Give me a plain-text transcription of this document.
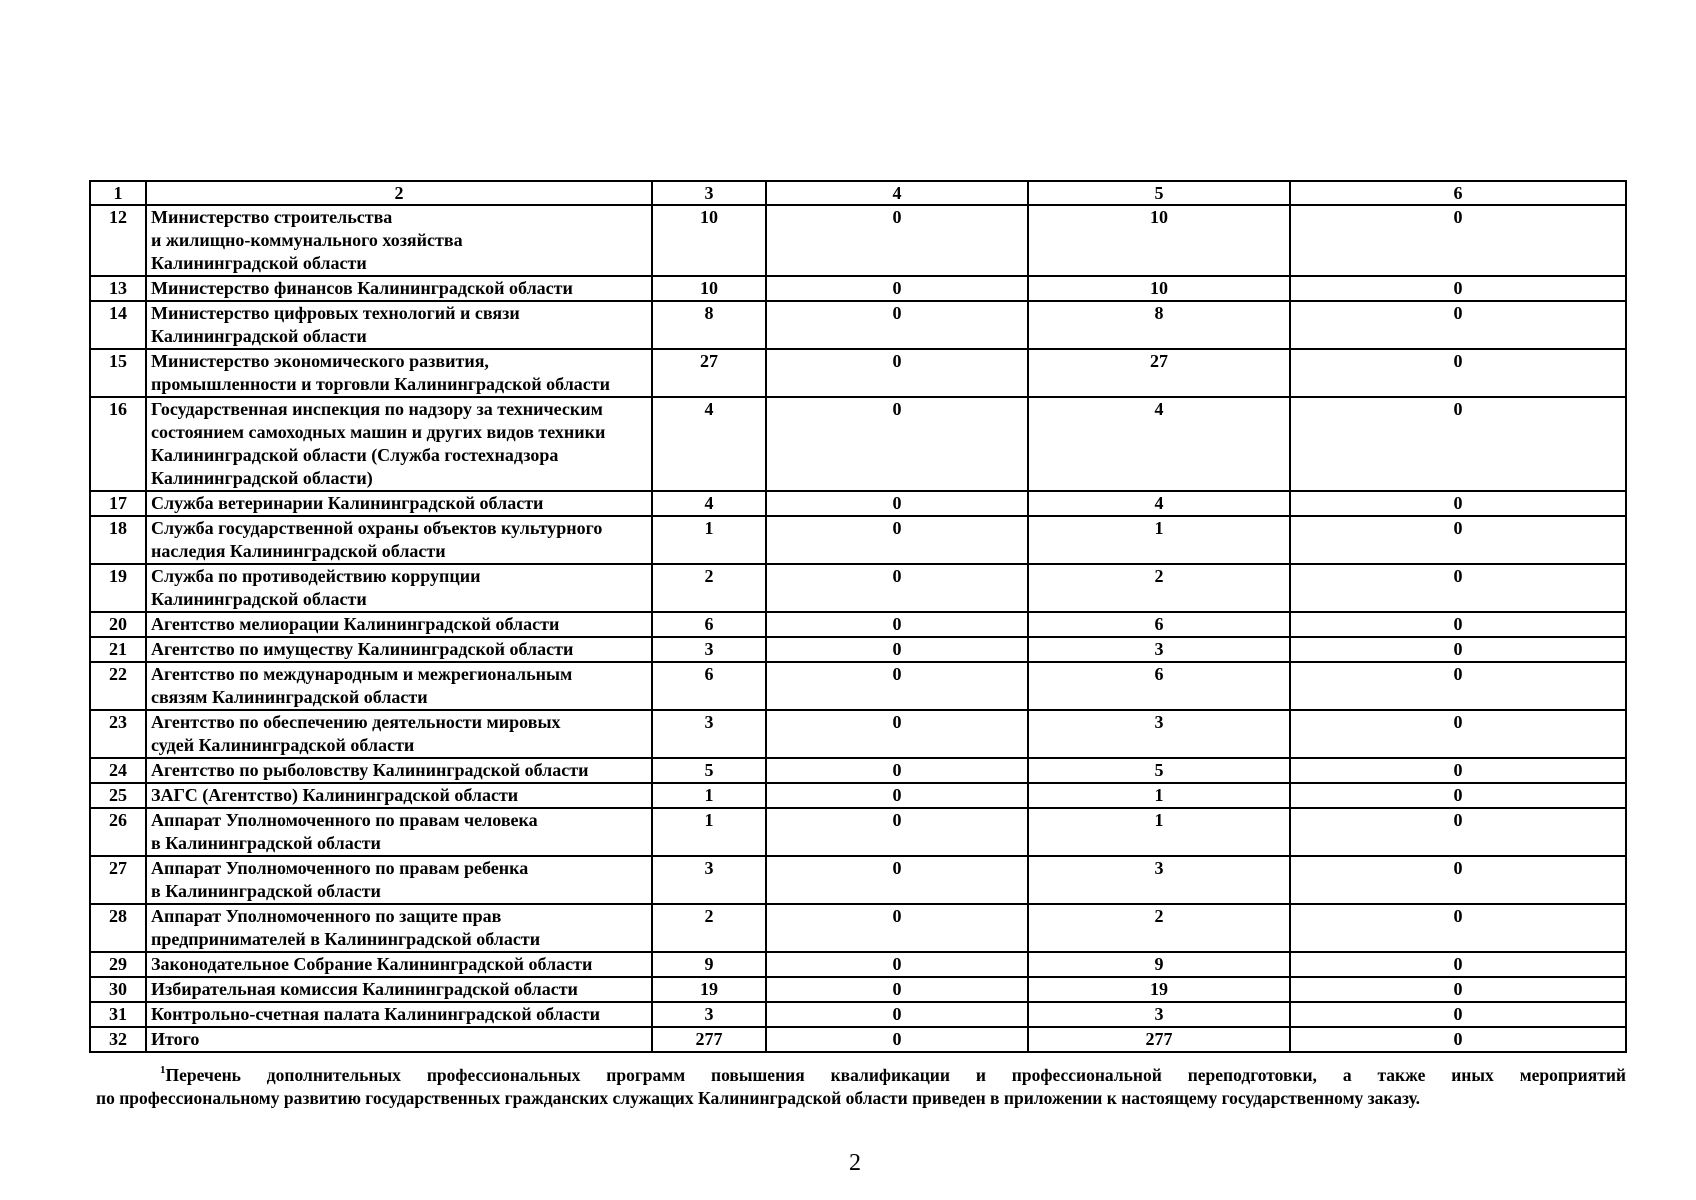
1	2	3	4	5	6
12	Министерство строительства
и жилищно-коммунального хозяйства
Калининградской области	10	0	10	0
13	Министерство финансов Калининградской области	10	0	10	0
14	Министерство цифровых технологий и связи
Калининградской области	8	0	8	0
15	Министерство экономического развития,
промышленности и торговли Калининградской области	27	0	27	0
16	Государственная инспекция по надзору за техническим
состоянием самоходных машин и других видов техники
Калининградской области (Служба гостехнадзора
Калининградской области)	4	0	4	0
17	Служба ветеринарии Калининградской области	4	0	4	0
18	Служба государственной охраны объектов культурного
наследия Калининградской области	1	0	1	0
19	Служба по противодействию коррупции
Калининградской области	2	0	2	0
20	Агентство мелиорации Калининградской области	6	0	6	0
21	Агентство по имуществу Калининградской области	3	0	3	0
22	Агентство по международным и межрегиональным
связям Калининградской области	6	0	6	0
23	Агентство по обеспечению деятельности мировых
судей Калининградской области	3	0	3	0
24	Агентство по рыболовству Калининградской области	5	0	5	0
25	ЗАГС (Агентство) Калининградской области	1	0	1	0
26	Аппарат Уполномоченного по правам человека
в Калининградской области	1	0	1	0
27	Аппарат Уполномоченного по правам ребенка
в Калининградской области	3	0	3	0
28	Аппарат Уполномоченного по защите прав
предпринимателей в Калининградской области	2	0	2	0
29	Законодательное Собрание Калининградской области	9	0	9	0
30	Избирательная комиссия Калининградской области	19	0	19	0
31	Контрольно-счетная палата Калининградской области	3	0	3	0
32	Итого	277	0	277	0
$^1$Перечень дополнительных профессиональных программ повышения квалификации и профессиональной переподготовки, а также иных мероприятий
по профессиональному развитию государственных гражданских служащих Калининградской области приведен в приложении к настоящему государственному заказу.
2
